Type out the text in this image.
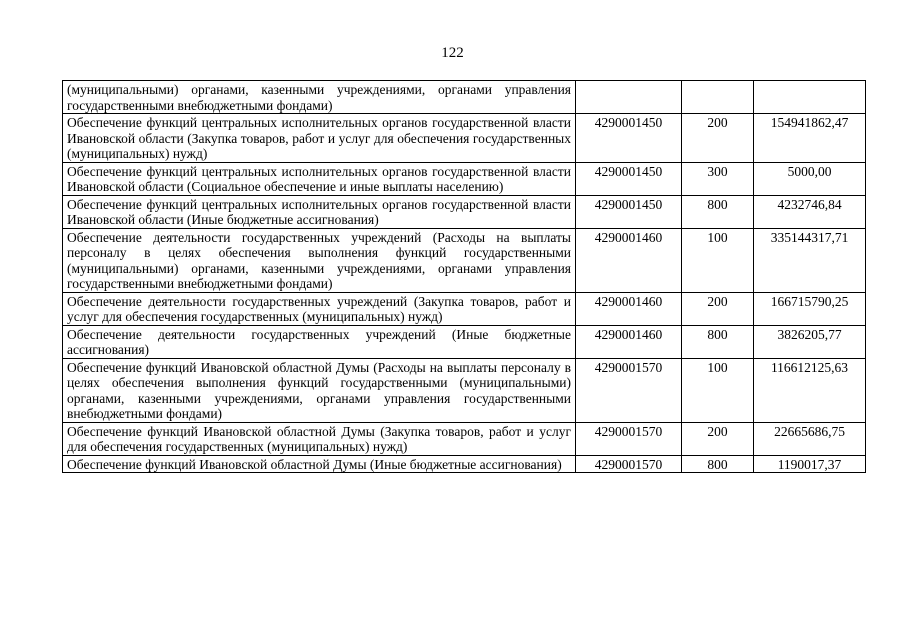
122
(муниципальными) органами, казенными учреждениями, органами управления государственными внебюджетными фондами)			
Обеспечение функций центральных исполнительных органов государственной власти Ивановской области (Закупка товаров, работ и услуг для обеспечения государственных (муниципальных) нужд)	4290001450	200	154941862,47
Обеспечение функций центральных исполнительных органов государственной власти Ивановской области (Социальное обеспечение и иные выплаты населению)	4290001450	300	5000,00
Обеспечение функций центральных исполнительных органов государственной власти Ивановской области (Иные бюджетные ассигнования)	4290001450	800	4232746,84
Обеспечение деятельности государственных учреждений (Расходы на выплаты персоналу в целях обеспечения выполнения функций государственными (муниципальными) органами, казенными учреждениями, органами управления государственными внебюджетными фондами)	4290001460	100	335144317,71
Обеспечение деятельности государственных учреждений (Закупка товаров, работ и услуг для обеспечения государственных (муниципальных) нужд)	4290001460	200	166715790,25
Обеспечение деятельности государственных учреждений (Иные бюджетные ассигнования)	4290001460	800	3826205,77
Обеспечение функций Ивановской областной Думы (Расходы на выплаты персоналу в целях обеспечения выполнения функций государственными (муниципальными) органами, казенными учреждениями, органами управления государственными внебюджетными фондами)	4290001570	100	116612125,63
Обеспечение функций Ивановской областной Думы (Закупка товаров, работ и услуг для обеспечения государственных (муниципальных) нужд)	4290001570	200	22665686,75
Обеспечение функций Ивановской областной Думы (Иные бюджетные ассигнования)	4290001570	800	1190017,37
